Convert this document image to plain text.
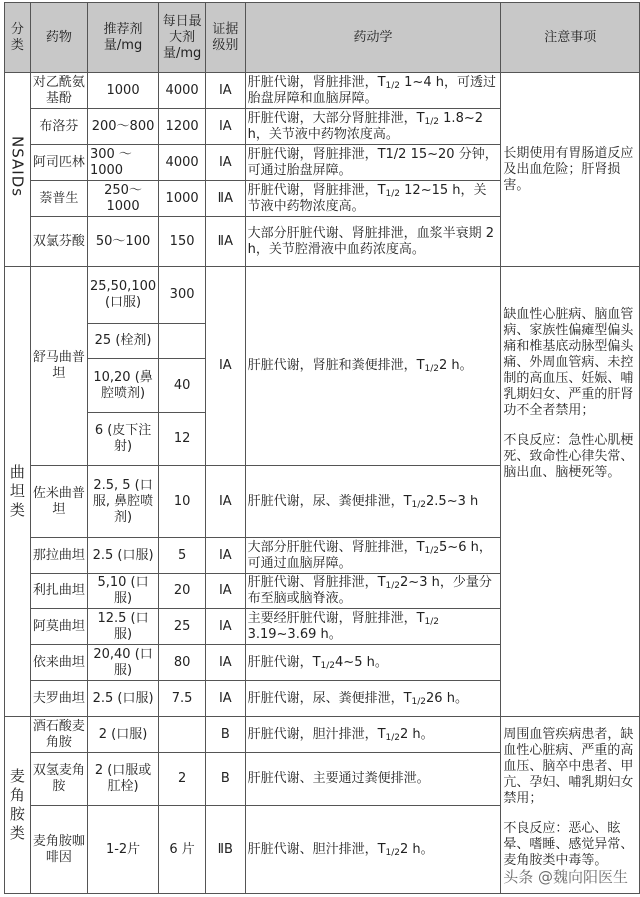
分类	药物	推荐剂量/mg	每日最大剂量/mg	证据级别	药动学	注意事项
NSAIDs	对乙酰氨基酚	1000	4000	IA	肝脏代谢，肾脏排泄，$T_{1/2}$ 1~4 h，可透过胎盘屏障和血脑屏障。	长期使用有胃肠道反应及出血危险；肝肾损害。
	布洛芬	200～800	1200	IA	肝脏代谢，大部分肾脏排泄，$T_{1/2}$ 1.8~2 h，关节液中药物浓度高。	
	阿司匹林	300 ～ 1000	4000	IA	肝脏代谢，肾脏排泄，T1/2 15~20 分钟，可通过胎盘屏障。	
	萘普生	250～1000	1000	ⅡA	肝脏代谢，肾脏排泄，$T_{1/2}$ 12~15 h，关节液中药物浓度高。	
	双氯芬酸	50～100	150	ⅡA	大部分肝脏代谢、肾脏排泄，血浆半衰期 2 h，关节腔滑液中血药浓度高。	
曲坦类	舒马曲普坦	25,50,100 (口服)	300	IA	肝脏代谢，肾脏和粪便排泄，$T_{1/2}2$ h。	缺血性心脏病、脑血管病、家族性偏瘫型偏头痛和椎基底动脉型偏头痛、外周血管病、未控制的高血压、妊娠、哺乳期妇女、严重的肝肾功不全者禁用；
不良反应：急性心肌梗死、致命性心律失常、脑出血、脑梗死等。

		25 (栓剂)				
		10,20 (鼻腔喷剂)	40			
		6 (皮下注射)	12			
	佐米曲普坦	2.5, 5 (口服, 鼻腔喷剂)	10	IA	肝脏代谢，尿、粪便排泄，$T_{1/2}2.5\sim 3$ h	
	那拉曲坦	2.5 (口服)	5	IA	大部分肝脏代谢、肾脏排泄，$T_{1/2}5\sim 6$ h，可通过血脑屏障。	
	利扎曲坦	5,10 (口服)	20	IA	肝脏代谢、肾脏排泄，$T_{1/2}2\sim 3$ h，少量分布至脑或脑脊液。	
	阿莫曲坦	12.5 (口服)	25	IA	主要经肝脏代谢，肾脏排泄，$T_{1/2}$ 3.19~3.69 h。	
	依来曲坦	20,40 (口服)	80	IA	肝脏代谢，$T_{1/2}4\sim 5$ h。	
	夫罗曲坦	2.5 (口服)	7.5	IA	肝脏代谢，尿、粪便排泄，$T_{1/2}26$ h。	
麦角胺类	酒石酸麦角胺	2 (口服)		B	肝脏代谢，胆汁排泄，$T_{1/2}2$ h。	周围血管疾病患者，缺血性心脏病、严重的高血压、脑卒中患者、甲亢、孕妇、哺乳期妇女禁用；
不良反应：恶心、眩晕、嗜睡、感觉异常、麦角胺类中毒等。

	双氢麦角胺	2 (口服或肛栓)	2	B	肝脏代谢、主要通过粪便排泄。	
	麦角胺咖啡因	1-2片	6 片	ⅡB	肝脏代谢、胆汁排泄，$T_{1/2}2$ h。	
头条 @魏向阳医生
